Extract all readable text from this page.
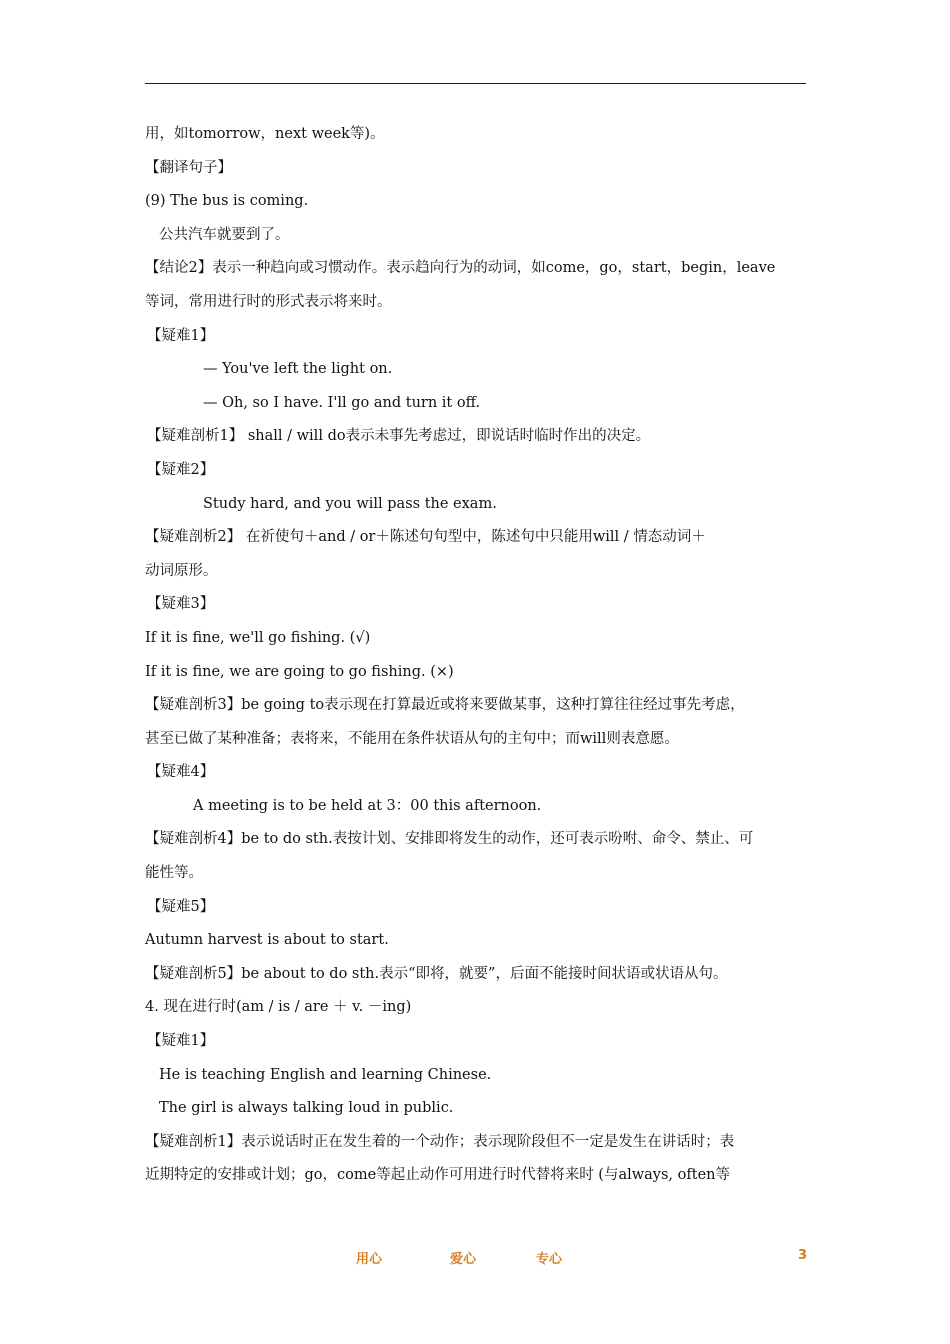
用，如tomorrow，next week等)。
【翻译句子】
(9) The bus is coming.
公共汽车就要到了。
【结论2】表示一种趋向或习惯动作。表示趋向行为的动词，如come，go，start，begin，leave
等词，常用进行时的形式表示将来时。
【疑难1】
— You've left the light on.
— Oh, so I have. I'll go and turn it off.
【疑难剖析1】 shall / will do表示未事先考虑过，即说话时临时作出的决定。
【疑难2】
Study hard, and you will pass the exam.
【疑难剖析2】 在祈使句＋and / or＋陈述句句型中，陈述句中只能用will / 情态动词＋
动词原形。
【疑难3】
If it is fine, we'll go fishing. (√)
If it is fine, we are going to go fishing. (×)
【疑难剖析3】be going to表示现在打算最近或将来要做某事，这种打算往往经过事先考虑，
甚至已做了某种准备；表将来，不能用在条件状语从句的主句中；而will则表意愿。
【疑难4】
A meeting is to be held at 3：00 this afternoon.
【疑难剖析4】be to do sth.表按计划、安排即将发生的动作，还可表示吩咐、命令、禁止、可
能性等。
【疑难5】
Autumn harvest is about to start.
【疑难剖析5】be about to do sth.表示“即将，就要”，后面不能接时间状语或状语从句。
4. 现在进行时(am / is / are ＋ v. －ing)
【疑难1】
He is teaching English and learning Chinese.
The girl is always talking loud in public.
【疑难剖析1】表示说话时正在发生着的一个动作；表示现阶段但不一定是发生在讲话时；表
近期特定的安排或计划；go，come等起止动作可用进行时代替将来时 (与always, often等
用心	爱心	专心	3
